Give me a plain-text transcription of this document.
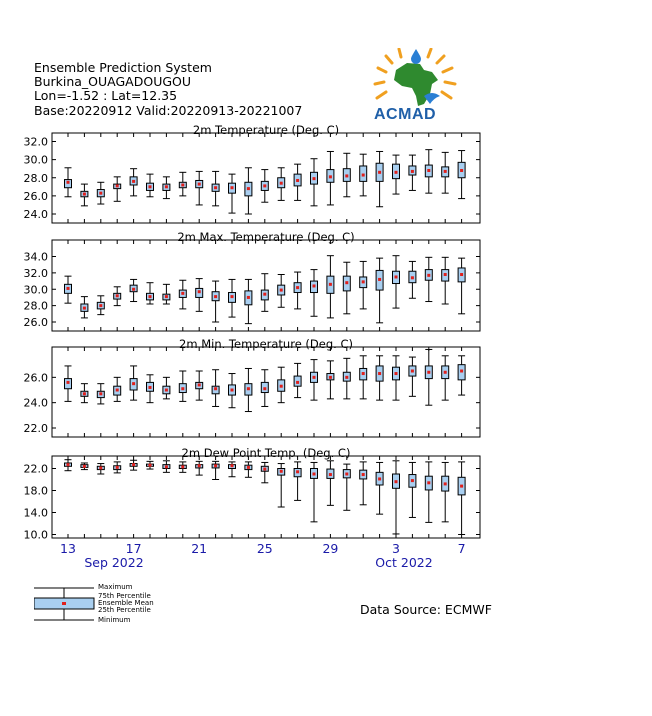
Ensemble Prediction System
Burkina_OUAGADOUGOU
Lon=-1.52 : Lat=12.35
Base:20220912 Valid:20220913-20221007	ACMAD
2m Temperature (Deg. C)
32.0
30.0
28.0
26.0
24.0
2m Max. Temperature (Deg. C)
34.0
32.0
30.0
28.0
26.0
2m Min. Temperature (Deg. C)
26.0
24.0
22.0
2m Dew Point Temp. (Deg. C)
22.0
18.0
14.0
10.0
13	17	21	25	29	3	7
Sep 2022	Oct 2022
Maximum
75th Percentile
Ensemble Mean
25th Percentile
Minimum
Data Source: ECMWF
